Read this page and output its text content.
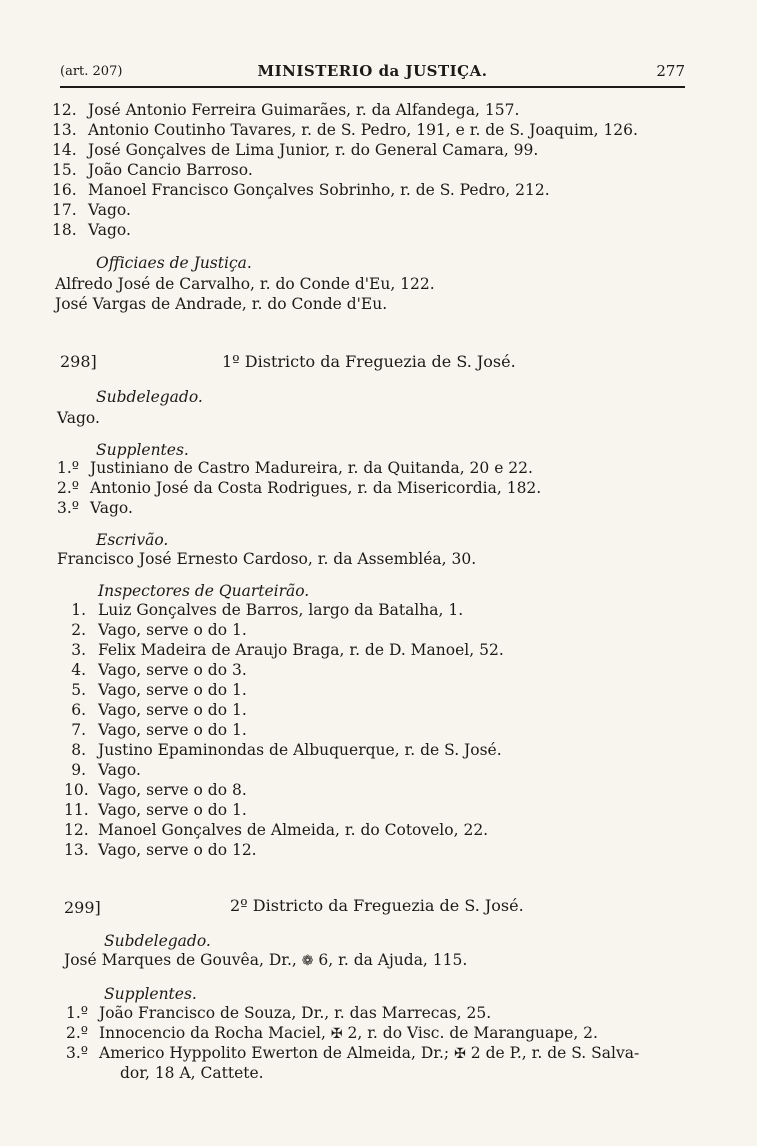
(art. 207)	MINISTERIO da JUSTIÇA.	277
12. José Antonio Ferreira Guimarães, r. da Alfandega, 157.
13. Antonio Coutinho Tavares, r. de S. Pedro, 191, e r. de S. Joaquim, 126.
14. José Gonçalves de Lima Junior, r. do General Camara, 99.
15. João Cancio Barroso.
16. Manoel Francisco Gonçalves Sobrinho, r. de S. Pedro, 212.
17. Vago.
18. Vago.
Officiaes de Justiça.
Alfredo José de Carvalho, r. do Conde d'Eu, 122.
José Vargas de Andrade, r. do Conde d'Eu.
298]	1º Districto da Freguezia de S. José.
Subdelegado.
Vago.
Supplentes.
1.º Justiniano de Castro Madureira, r. da Quitanda, 20 e 22.
2.º Antonio José da Costa Rodrigues, r. da Misericordia, 182.
3.º Vago.
Escrivão.
Francisco José Ernesto Cardoso, r. da Assembléa, 30.
Inspectores de Quarteirão.
1. Luiz Gonçalves de Barros, largo da Batalha, 1.
2. Vago, serve o do 1.
3. Felix Madeira de Araujo Braga, r. de D. Manoel, 52.
4. Vago, serve o do 3.
5. Vago, serve o do 1.
6. Vago, serve o do 1.
7. Vago, serve o do 1.
8. Justino Epaminondas de Albuquerque, r. de S. José.
9. Vago.
10. Vago, serve o do 8.
11. Vago, serve o do 1.
12. Manoel Gonçalves de Almeida, r. do Cotovelo, 22.
13. Vago, serve o do 12.
299]	2º Districto da Freguezia de S. José.
Subdelegado.
José Marques de Gouvêa, Dr., ❁ 6, r. da Ajuda, 115.
Supplentes.
1.º João Francisco de Souza, Dr., r. das Marrecas, 25.
2.º Innocencio da Rocha Maciel, ✠ 2, r. do Visc. de Maranguape, 2.
3.º Americo Hyppolito Ewerton de Almeida, Dr.; ✠ 2 de P., r. de S. Salva-
dor, 18 A, Cattete.
